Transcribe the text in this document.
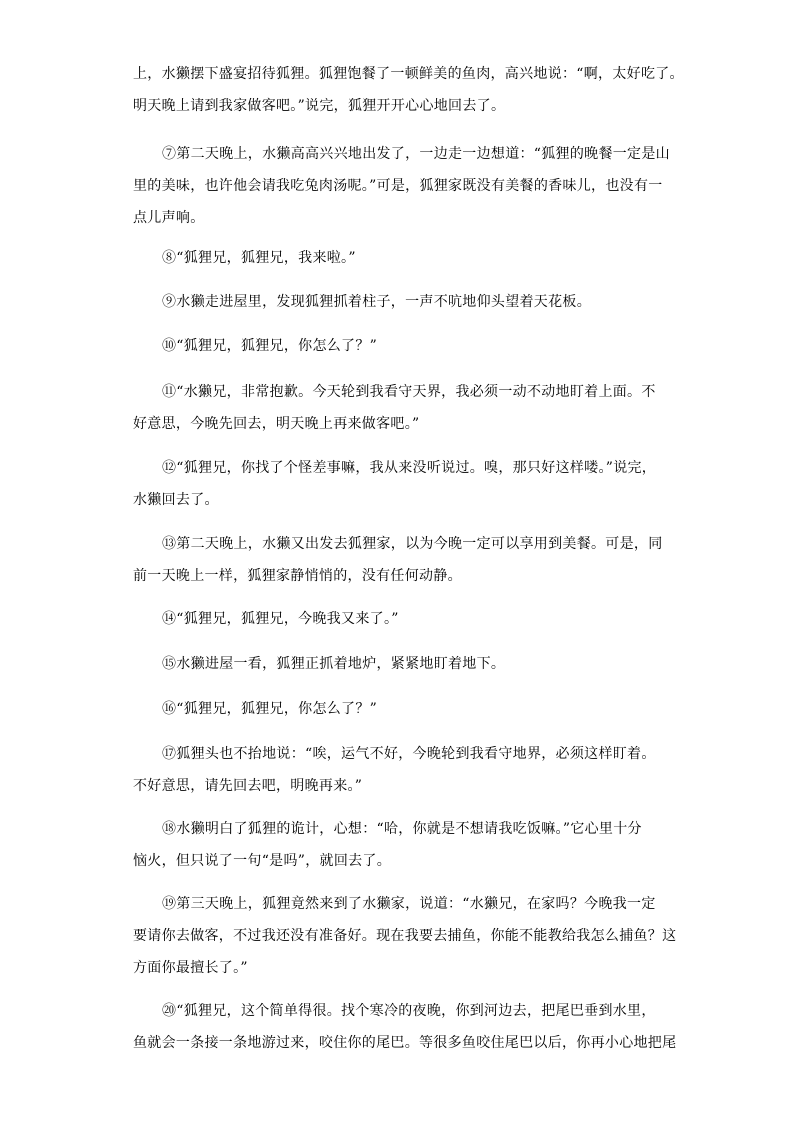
上，水獭摆下盛宴招待狐狸。狐狸饱餐了一顿鲜美的鱼肉，高兴地说：“啊，太好吃了。
明天晚上请到我家做客吧。”说完，狐狸开开心心地回去了。

⑦第二天晚上，水獭高高兴兴地出发了，一边走一边想道：“狐狸的晚餐一定是山
里的美味，也许他会请我吃兔肉汤呢。”可是，狐狸家既没有美餐的香味儿，也没有一
点儿声响。

⑧“狐狸兄，狐狸兄，我来啦。”

⑨水獭走进屋里，发现狐狸抓着柱子，一声不吭地仰头望着天花板。

⑩“狐狸兄，狐狸兄，你怎么了？”

⑪“水獭兄，非常抱歉。今天轮到我看守天界，我必须一动不动地盯着上面。不
好意思，今晚先回去，明天晚上再来做客吧。”

⑫“狐狸兄，你找了个怪差事嘛，我从来没听说过。嗅，那只好这样喽。”说完，
水獭回去了。

⑬第二天晚上，水獭又出发去狐狸家，以为今晚一定可以享用到美餐。可是，同
前一天晚上一样，狐狸家静悄悄的，没有任何动静。

⑭“狐狸兄，狐狸兄，今晚我又来了。”

⑮水獭进屋一看，狐狸正抓着地炉，紧紧地盯着地下。

⑯“狐狸兄，狐狸兄，你怎么了？”

⑰狐狸头也不抬地说：“唉，运气不好，今晚轮到我看守地界，必须这样盯着。
不好意思，请先回去吧，明晚再来。”

⑱水獭明白了狐狸的诡计，心想：“哈，你就是不想请我吃饭嘛。”它心里十分
恼火，但只说了一句“是吗”，就回去了。

⑲第三天晚上，狐狸竟然来到了水獭家，说道：“水獭兄，在家吗？今晚我一定
要请你去做客，不过我还没有准备好。现在我要去捕鱼，你能不能教给我怎么捕鱼？这
方面你最擅长了。”

⑳“狐狸兄，这个简单得很。找个寒冷的夜晚，你到河边去，把尾巴垂到水里，
鱼就会一条接一条地游过来，咬住你的尾巴。等很多鱼咬住尾巴以后，你再小心地把尾
